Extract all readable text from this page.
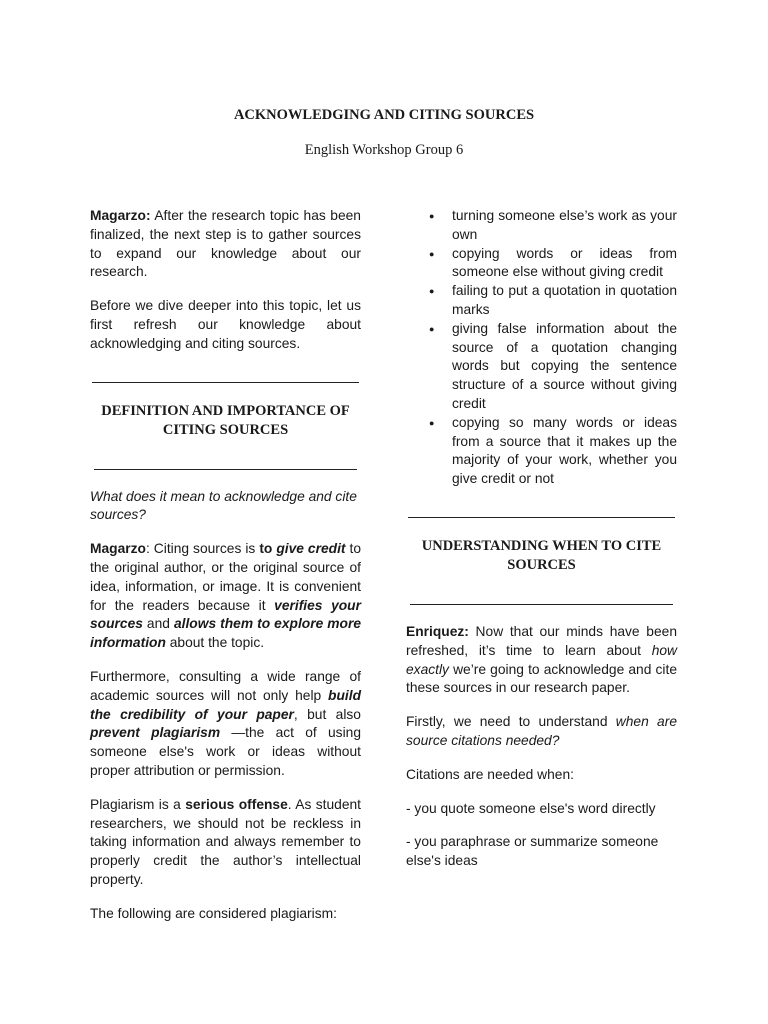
ACKNOWLEDGING AND CITING SOURCES
English Workshop Group 6

Magarzo: After the research topic has been finalized, the next step is to gather sources to expand our knowledge about our research.

Before we dive deeper into this topic, let us first refresh our knowledge about acknowledging and citing sources.

DEFINITION AND IMPORTANCE OF CITING SOURCES

What does it mean to acknowledge and cite sources?

Magarzo: Citing sources is to give credit to the original author, or the original source of idea, information, or image. It is convenient for the readers because it verifies your sources and allows them to explore more information about the topic.

Furthermore, consulting a wide range of academic sources will not only help build the credibility of your paper, but also prevent plagiarism —the act of using someone else's work or ideas without proper attribution or permission.

Plagiarism is a serious offense. As student researchers, we should not be reckless in taking information and always remember to properly credit the author’s intellectual property.

The following are considered plagiarism:

● turning someone else’s work as your own
● copying words or ideas from someone else without giving credit
● failing to put a quotation in quotation marks
● giving false information about the source of a quotation changing words but copying the sentence structure of a source without giving credit
● copying so many words or ideas from a source that it makes up the majority of your work, whether you give credit or not
UNDERSTANDING WHEN TO CITE SOURCES

Enriquez: Now that our minds have been refreshed, it’s time to learn about how exactly we’re going to acknowledge and cite these sources in our research paper.

Firstly, we need to understand when are source citations needed?

Citations are needed when:

- you quote someone else's word directly

- you paraphrase or summarize someone else's ideas
